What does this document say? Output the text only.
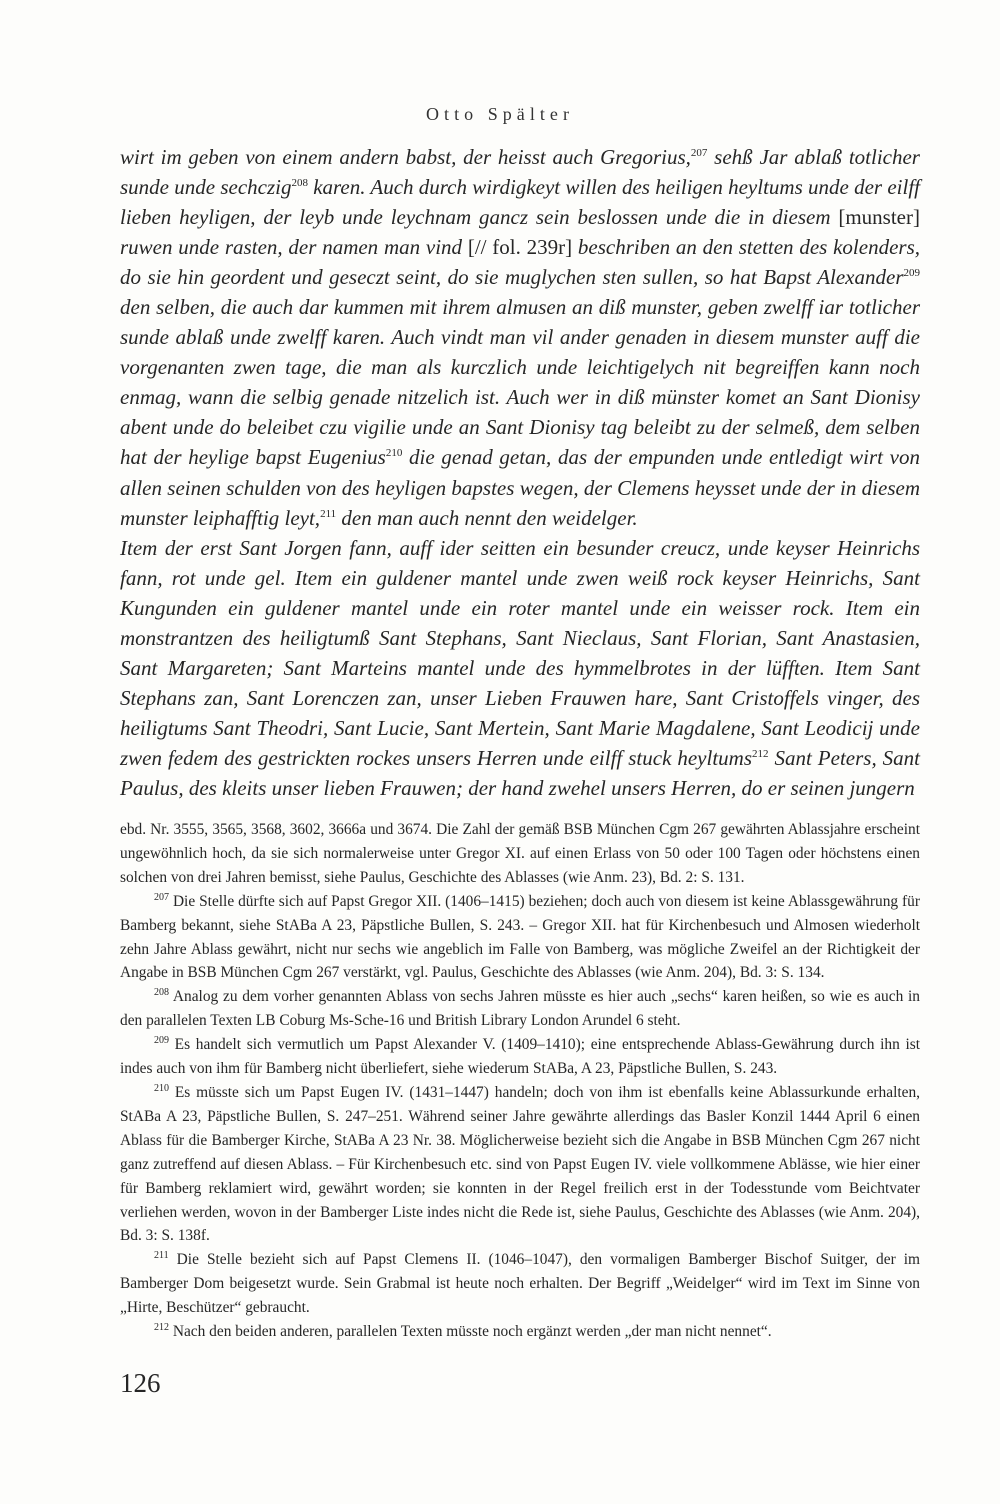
Otto Spälter

wirt im geben von einem andern babst, der heisst auch Gregorius,$^{207}$ sehß Jar ablaß totlicher sunde unde sechczig$^{208}$ karen. Auch durch wirdigkeyt willen des heiligen heyltums unde der eilff lieben heyligen, der leyb unde leychnam gancz sein beslossen unde die in diesem [munster] ruwen unde rasten, der namen man vind [// fol. 239r] beschriben an den stetten des kolenders, do sie hin geordent und geseczt seint, do sie muglychen sten sullen, so hat Bapst Alexander$^{209}$ den selben, die auch dar kummen mit ihrem almusen an diß munster, geben zwelff iar totlicher sunde ablaß unde zwelff karen. Auch vindt man vil ander genaden in diesem munster auff die vorgenanten zwen tage, die man als kurczlich unde leichtigelych nit begreiffen kann noch enmag, wann die selbig genade nitzelich ist. Auch wer in diß münster komet an Sant Dionisy abent unde do beleibet czu vigilie unde an Sant Dionisy tag beleibt zu der selmeß, dem selben hat der heylige bapst Eugenius$^{210}$ die genad getan, das der empunden unde entledigt wirt von allen seinen schulden von des heyligen bapstes wegen, der Clemens heysset unde der in diesem munster leiphafftig leyt,$^{211}$ den man auch nennt den weidelger.

Item der erst Sant Jorgen fann, auff ider seitten ein besunder creucz, unde keyser Heinrichs fann, rot unde gel. Item ein guldener mantel unde zwen weiß rock keyser Heinrichs, Sant Kungunden ein guldener mantel unde ein roter mantel unde ein weisser rock. Item ein monstrantzen des heiligtumß Sant Stephans, Sant Nieclaus, Sant Florian, Sant Anastasien, Sant Margareten; Sant Marteins mantel unde des hymmelbrotes in der lüfften. Item Sant Stephans zan, Sant Lorenczen zan, unser Lieben Frauwen hare, Sant Cristoffels vinger, des heiligtums Sant Theodri, Sant Lucie, Sant Mertein, Sant Marie Magdalene, Sant Leodicij unde zwen fedem des gestrickten rockes unsers Herren unde eilff stuck heyltums$^{212}$ Sant Peters, Sant Paulus, des kleits unser lieben Frauwen; der hand zwehel unsers Herren, do er seinen jungern

ebd. Nr. 3555, 3565, 3568, 3602, 3666a und 3674. Die Zahl der gemäß BSB München Cgm 267 gewährten Ablassjahre erscheint ungewöhnlich hoch, da sie sich normalerweise unter Gregor XI. auf einen Erlass von 50 oder 100 Tagen oder höchstens einen solchen von drei Jahren bemisst, siehe Paulus, Geschichte des Ablasses (wie Anm. 23), Bd. 2: S. 131.

$^{207}$ Die Stelle dürfte sich auf Papst Gregor XII. (1406–1415) beziehen; doch auch von diesem ist keine Ablassgewährung für Bamberg bekannt, siehe StABa A 23, Päpstliche Bullen, S. 243. – Gregor XII. hat für Kirchenbesuch und Almosen wiederholt zehn Jahre Ablass gewährt, nicht nur sechs wie angeblich im Falle von Bamberg, was mögliche Zweifel an der Richtigkeit der Angabe in BSB München Cgm 267 verstärkt, vgl. Paulus, Geschichte des Ablasses (wie Anm. 204), Bd. 3: S. 134.

$^{208}$ Analog zu dem vorher genannten Ablass von sechs Jahren müsste es hier auch „sechs“ karen heißen, so wie es auch in den parallelen Texten LB Coburg Ms-Sche-16 und British Library London Arundel 6 steht.

$^{209}$ Es handelt sich vermutlich um Papst Alexander V. (1409–1410); eine entsprechende Ablass-Gewährung durch ihn ist indes auch von ihm für Bamberg nicht überliefert, siehe wiederum StABa, A 23, Päpstliche Bullen, S. 243.

$^{210}$ Es müsste sich um Papst Eugen IV. (1431–1447) handeln; doch von ihm ist ebenfalls keine Ablassurkunde erhalten, StABa A 23, Päpstliche Bullen, S. 247–251. Während seiner Jahre gewährte allerdings das Basler Konzil 1444 April 6 einen Ablass für die Bamberger Kirche, StABa A 23 Nr. 38. Möglicherweise bezieht sich die Angabe in BSB München Cgm 267 nicht ganz zutreffend auf diesen Ablass. – Für Kirchenbesuch etc. sind von Papst Eugen IV. viele vollkommene Ablässe, wie hier einer für Bamberg reklamiert wird, gewährt worden; sie konnten in der Regel freilich erst in der Todesstunde vom Beichtvater verliehen werden, wovon in der Bamberger Liste indes nicht die Rede ist, siehe Paulus, Geschichte des Ablasses (wie Anm. 204), Bd. 3: S. 138f.

$^{211}$ Die Stelle bezieht sich auf Papst Clemens II. (1046–1047), den vormaligen Bamberger Bischof Suitger, der im Bamberger Dom beigesetzt wurde. Sein Grabmal ist heute noch erhalten. Der Begriff „Weidelger“ wird im Text im Sinne von „Hirte, Beschützer“ gebraucht.

$^{212}$ Nach den beiden anderen, parallelen Texten müsste noch ergänzt werden „der man nicht nennet“.

126
